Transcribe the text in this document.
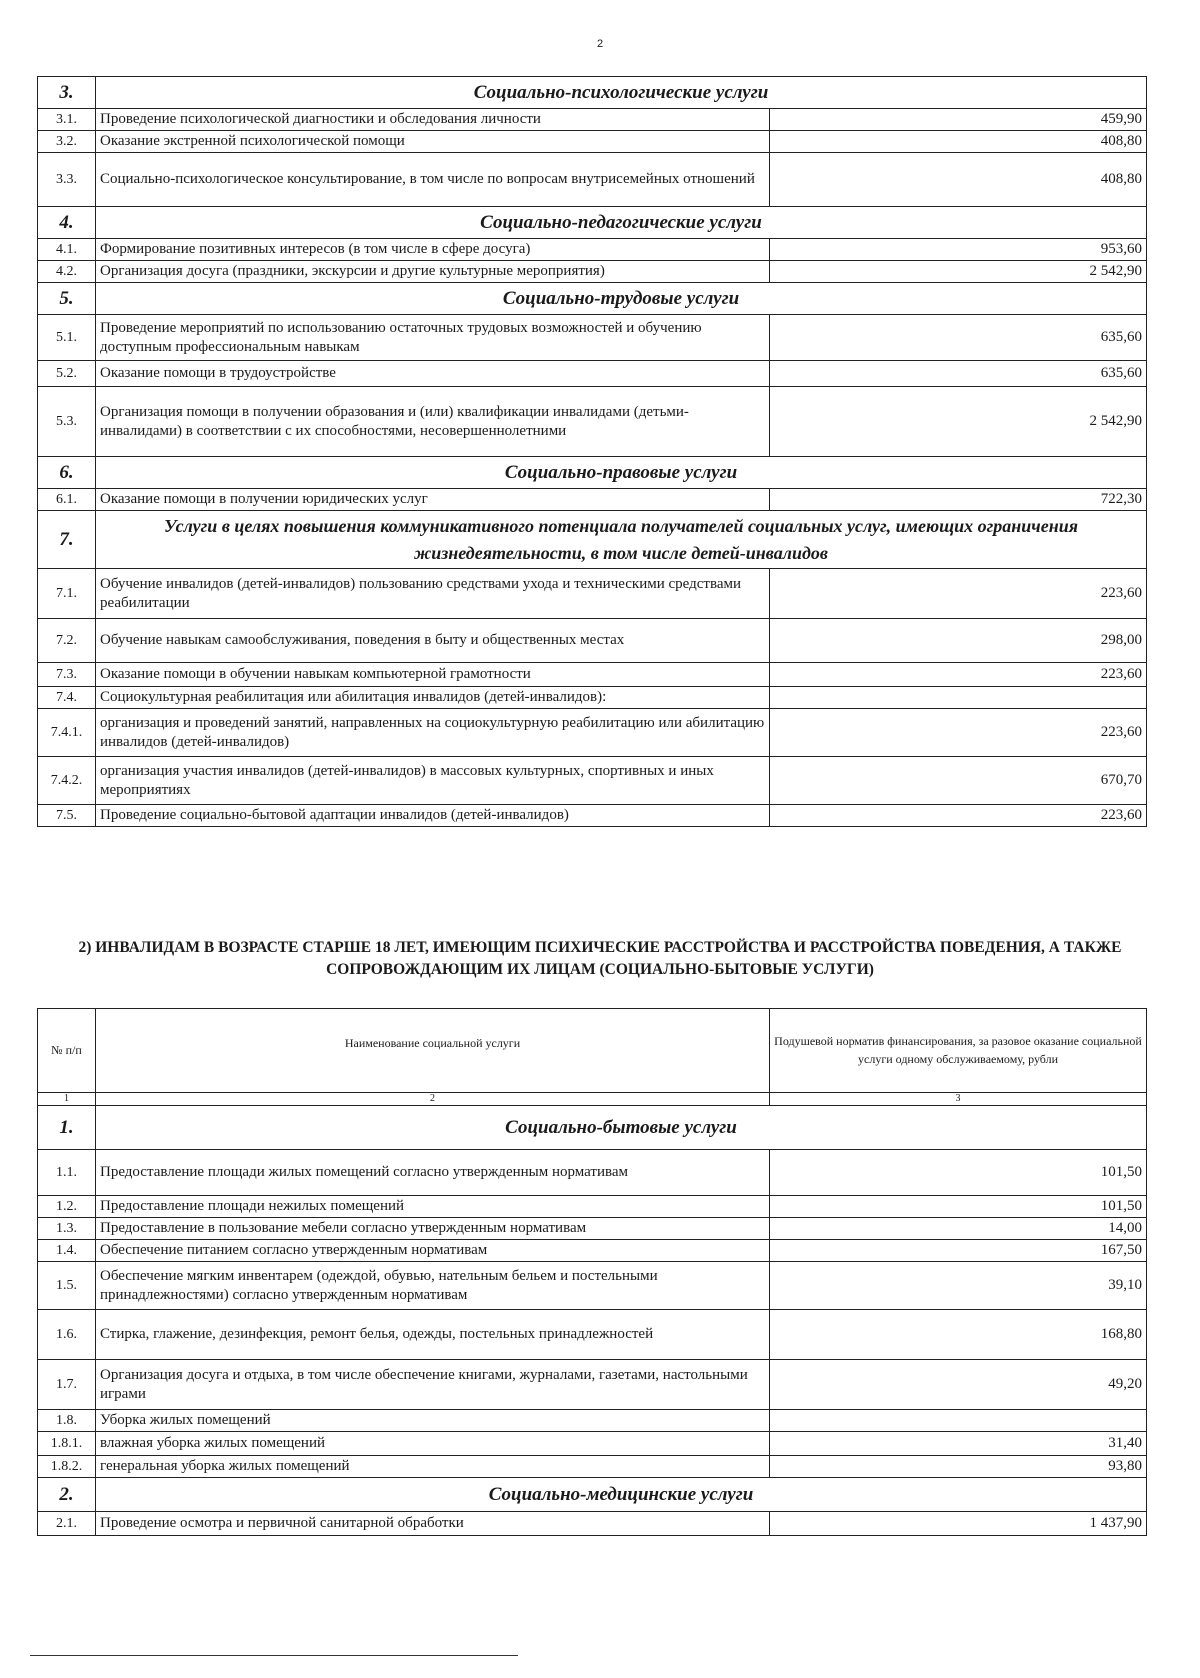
2
3.	Социально-психологические услуги	
3.1.	Проведение психологической диагностики и обследования личности	459,90
3.2.	Оказание экстренной психологической помощи	408,80
3.3.	Социально-психологическое консультирование, в том числе по вопросам внутрисемейных отношений	408,80
4.	Социально-педагогические услуги	
4.1.	Формирование позитивных интересов (в том числе в сфере досуга)	953,60
4.2.	Организация досуга (праздники, экскурсии и другие культурные мероприятия)	2 542,90
5.	Социально-трудовые услуги	
5.1.	Проведение мероприятий по использованию остаточных трудовых возможностей и обучению доступным профессиональным навыкам	635,60
5.2.	Оказание помощи в трудоустройстве	635,60
5.3.	Организация помощи в получении образования и (или) квалификации инвалидами (детьми-инвалидами) в соответствии с их способностями, несовершеннолетними	2 542,90
6.	Социально-правовые услуги	
6.1.	Оказание помощи в получении юридических услуг	722,30
7.	Услуги в целях повышения коммуникативного потенциала получателей социальных услуг, имеющих ограничения жизнедеятельности, в том числе детей-инвалидов	
7.1.	Обучение инвалидов (детей-инвалидов) пользованию средствами ухода и техническими средствами реабилитации	223,60
7.2.	Обучение навыкам самообслуживания, поведения в быту и общественных местах	298,00
7.3.	Оказание помощи в обучении навыкам компьютерной грамотности	223,60
7.4.	Социокультурная реабилитация или абилитация инвалидов (детей-инвалидов):	
7.4.1.	организация и проведений занятий, направленных на социокультурную реабилитацию или абилитацию инвалидов (детей-инвалидов)	223,60
7.4.2.	организация участия инвалидов (детей-инвалидов) в массовых культурных, спортивных и иных мероприятиях	670,70
7.5.	Проведение социально-бытовой адаптации инвалидов (детей-инвалидов)	223,60
2) ИНВАЛИДАМ В ВОЗРАСТЕ СТАРШЕ 18 ЛЕТ, ИМЕЮЩИМ ПСИХИЧЕСКИЕ РАССТРОЙСТВА И РАССТРОЙСТВА ПОВЕДЕНИЯ, А ТАКЖЕ СОПРОВОЖДАЮЩИМ ИХ ЛИЦАМ (СОЦИАЛЬНО-БЫТОВЫЕ УСЛУГИ)
№ п/п	Наименование социальной услуги	Подушевой норматив финансирования, за разовое оказание социальной услуги одному обслуживаемому, рубли
1	2	3
1.	Социально-бытовые услуги	
1.1.	Предоставление площади жилых помещений согласно утвержденным нормативам	101,50
1.2.	Предоставление площади нежилых помещений	101,50
1.3.	Предоставление в пользование мебели согласно утвержденным нормативам	14,00
1.4.	Обеспечение питанием согласно утвержденным нормативам	167,50
1.5.	Обеспечение мягким инвентарем (одеждой, обувью, нательным бельем и постельными принадлежностями) согласно утвержденным нормативам	39,10
1.6.	Стирка, глажение, дезинфекция, ремонт белья, одежды, постельных принадлежностей	168,80
1.7.	Организация досуга и отдыха, в том числе обеспечение книгами, журналами, газетами, настольными играми	49,20
1.8.	Уборка жилых помещений	
1.8.1.	влажная уборка жилых помещений	31,40
1.8.2.	генеральная уборка жилых помещений	93,80
2.	Социально-медицинские услуги	
2.1.	Проведение осмотра и первичной санитарной обработки	1 437,90
